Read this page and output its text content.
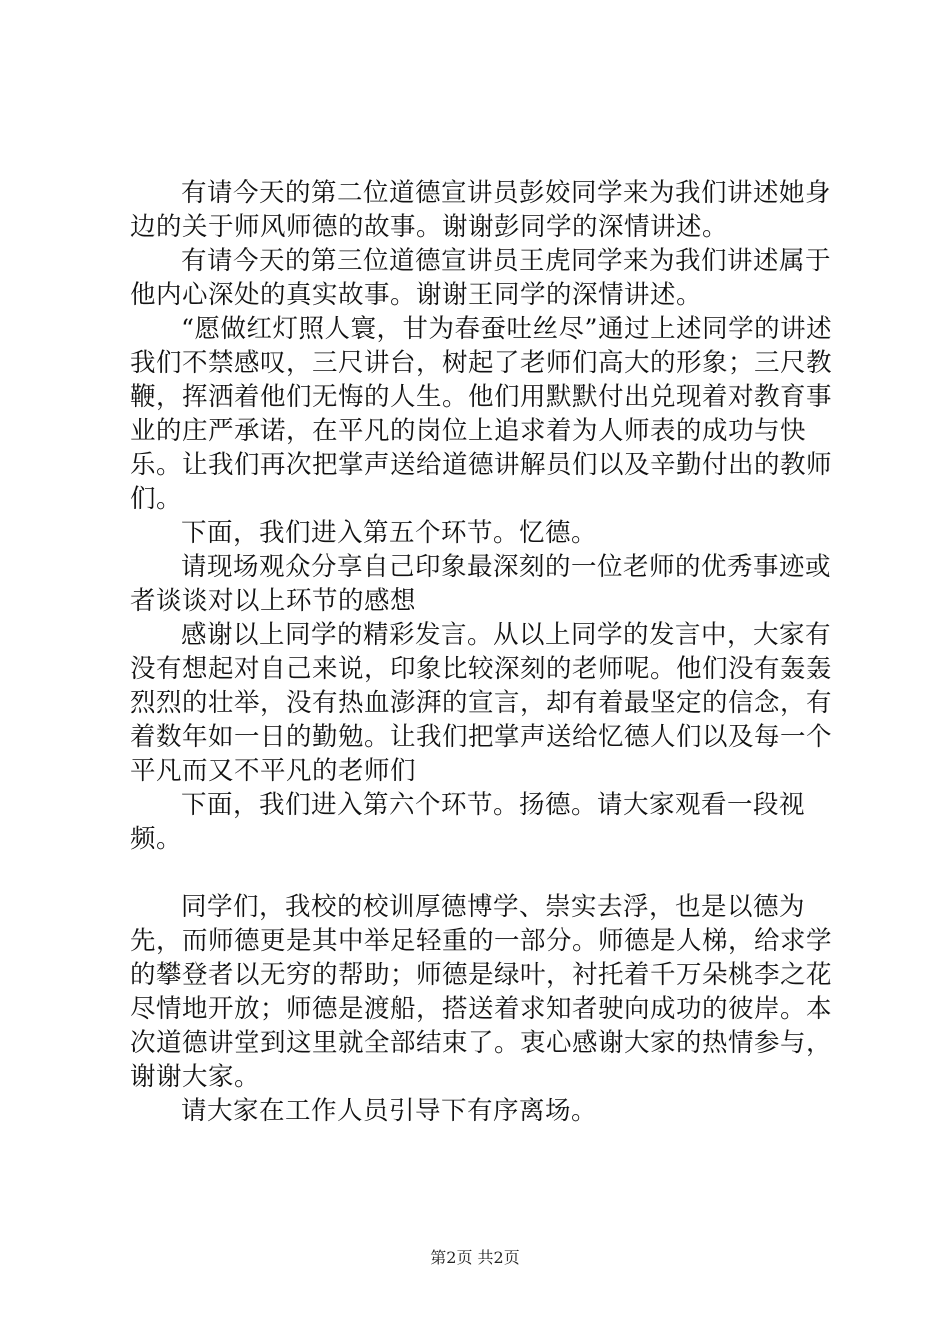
有请今天的第二位道德宣讲员彭姣同学来为我们讲述她身边的关于师风师德的故事。谢谢彭同学的深情讲述。

有请今天的第三位道德宣讲员王虎同学来为我们讲述属于他内心深处的真实故事。谢谢王同学的深情讲述。

“愿做红灯照人寰，甘为春蚕吐丝尽”通过上述同学的讲述我们不禁感叹，三尺讲台，树起了老师们高大的形象；三尺教鞭，挥洒着他们无悔的人生。他们用默默付出兑现着对教育事业的庄严承诺，在平凡的岗位上追求着为人师表的成功与快乐。让我们再次把掌声送给道德讲解员们以及辛勤付出的教师们。

下面，我们进入第五个环节。忆德。

请现场观众分享自己印象最深刻的一位老师的优秀事迹或者谈谈对以上环节的感想

感谢以上同学的精彩发言。从以上同学的发言中，大家有没有想起对自己来说，印象比较深刻的老师呢。他们没有轰轰烈烈的壮举，没有热血澎湃的宣言，却有着最坚定的信念，有着数年如一日的勤勉。让我们把掌声送给忆德人们以及每一个平凡而又不平凡的老师们

下面，我们进入第六个环节。扬德。请大家观看一段视频。

同学们，我校的校训厚德博学、崇实去浮，也是以德为先，而师德更是其中举足轻重的一部分。师德是人梯，给求学的攀登者以无穷的帮助；师德是绿叶，衬托着千万朵桃李之花尽情地开放；师德是渡船，搭送着求知者驶向成功的彼岸。本次道德讲堂到这里就全部结束了。衷心感谢大家的热情参与，谢谢大家。

请大家在工作人员引导下有序离场。

第2页 共2页
